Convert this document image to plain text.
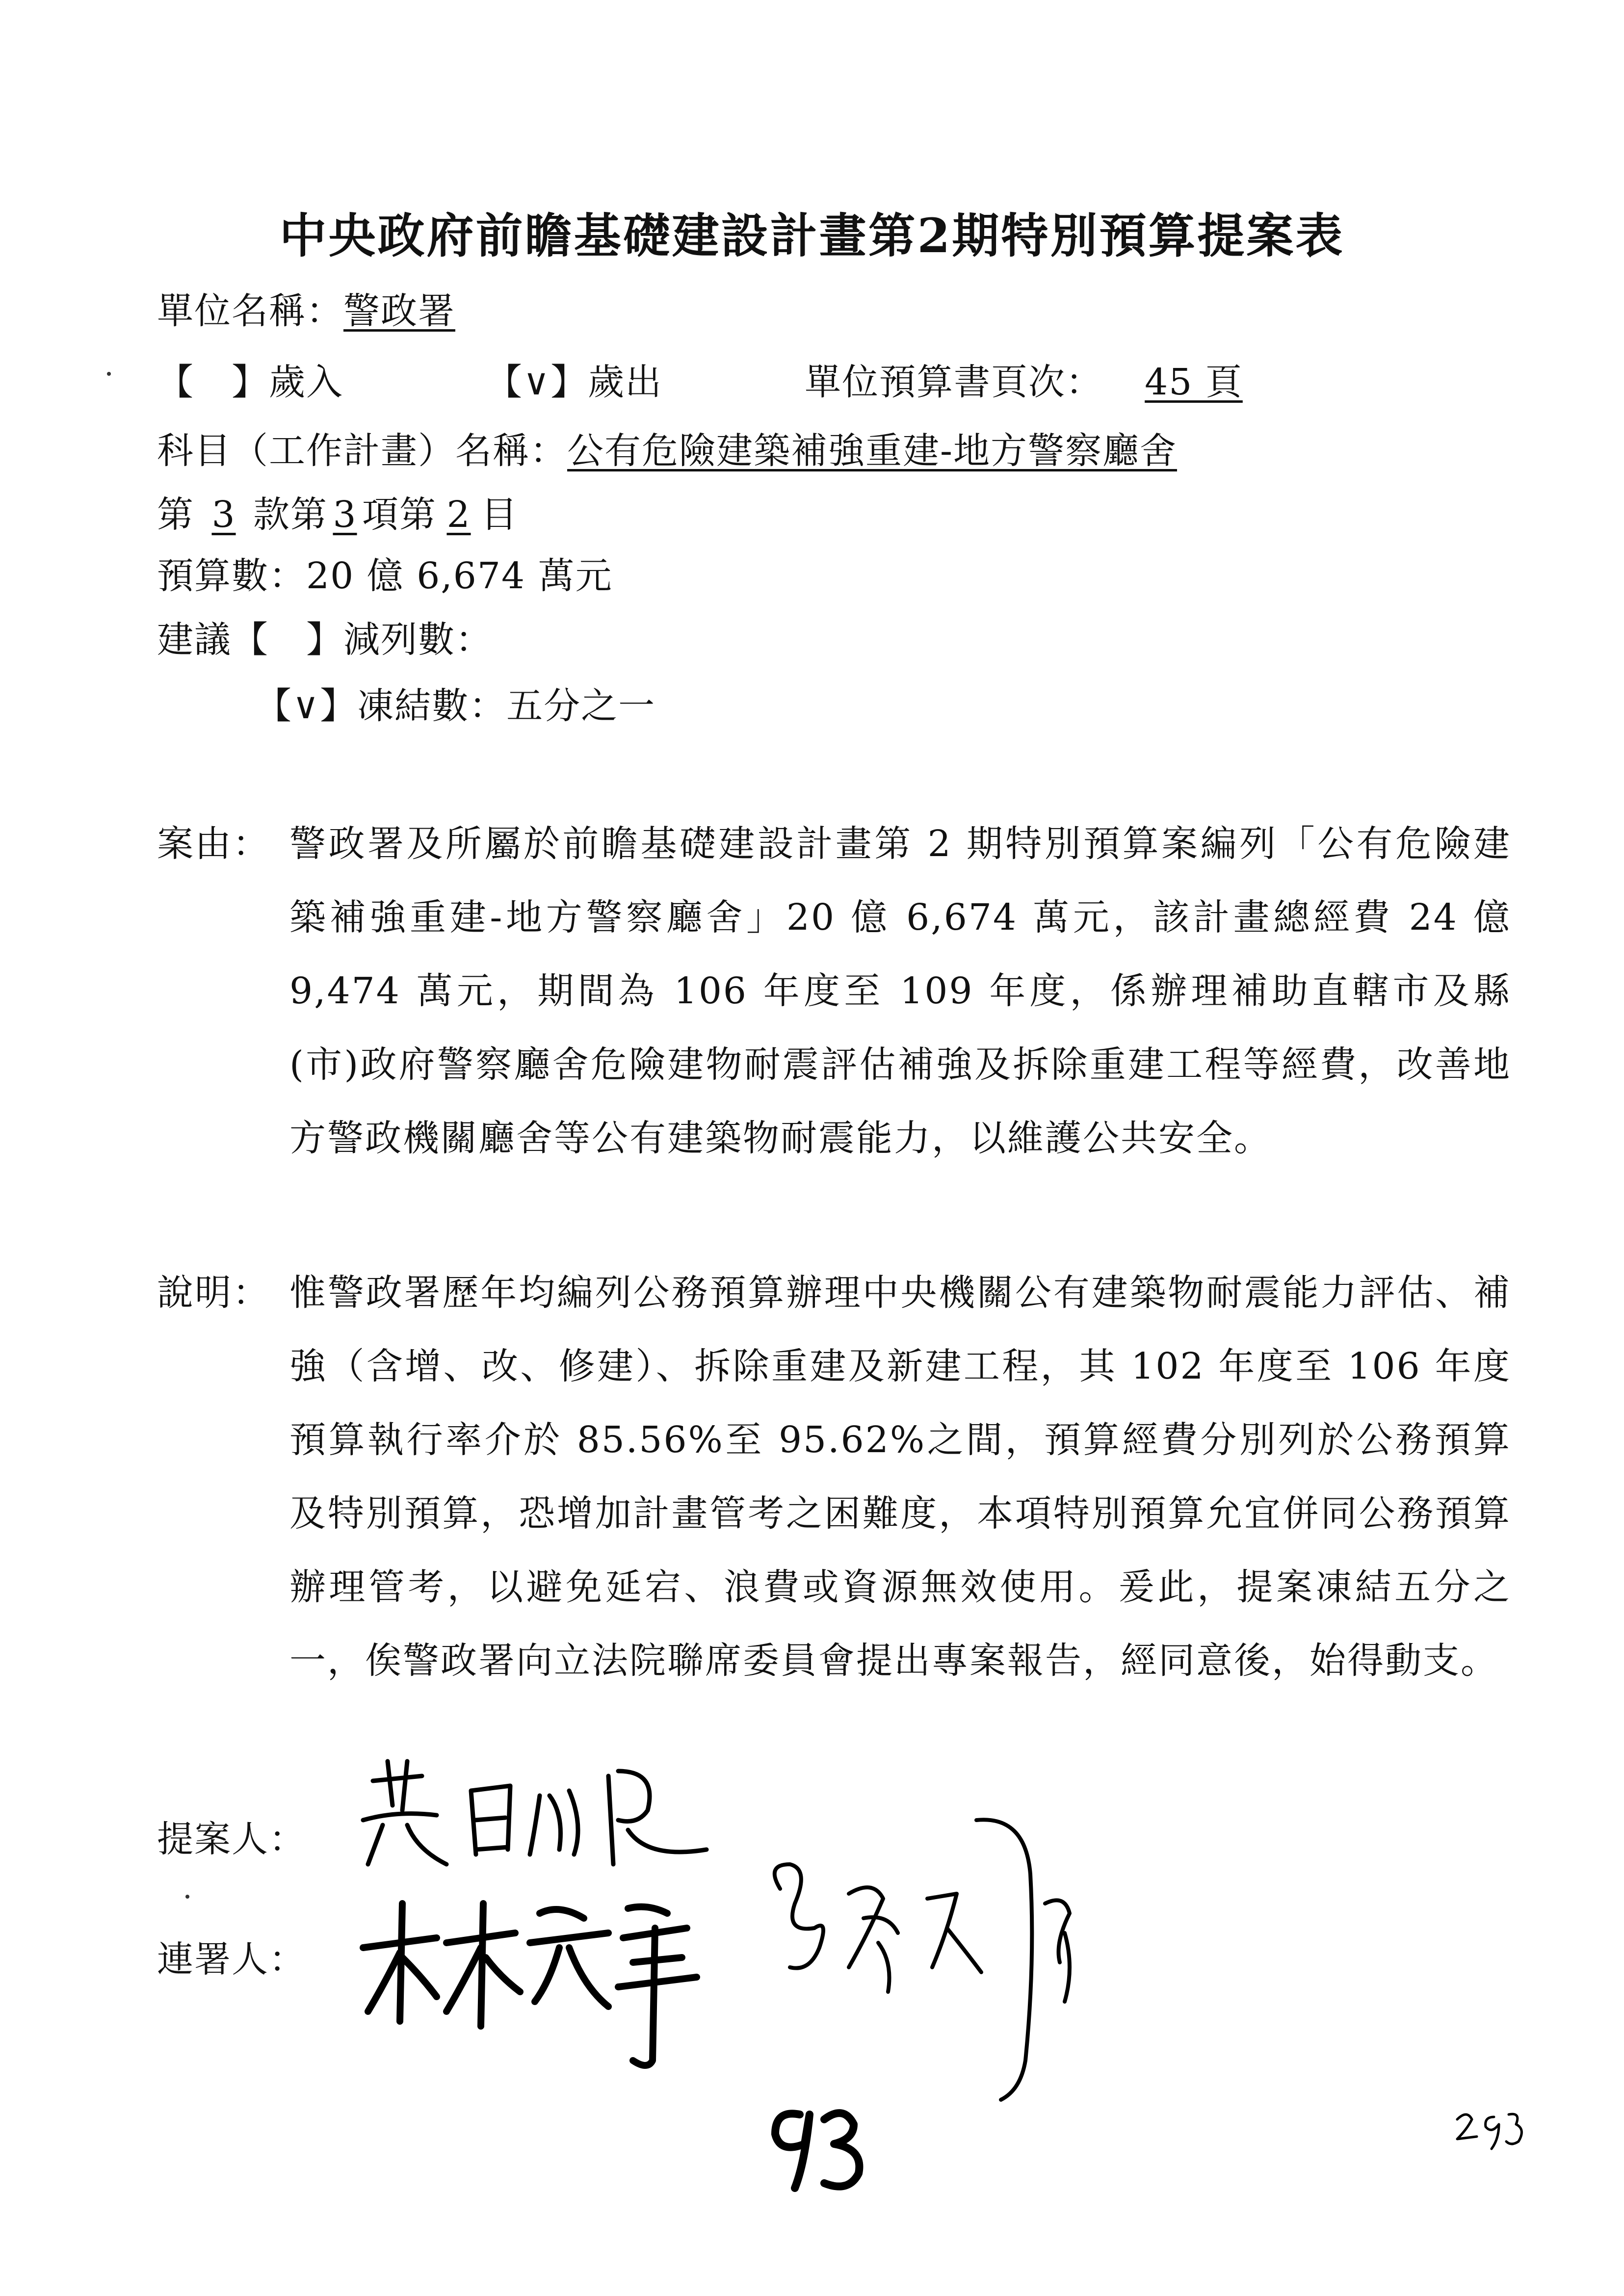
中央政府前瞻基礎建設計畫第2期特別預算提案表
單位名稱：警政署
【　】歲入	【∨】歲出	單位預算書頁次： 45 頁
科目（工作計畫）名稱：公有危險建築補強重建-地方警察廳舍
第 3 款第 3 項第 2 目
預算數：20 億 6,674 萬元
建議【　】減列數：
【∨】凍結數：五分之一
案由： 警政署及所屬於前瞻基礎建設計畫第 2 期特別預算案編列「公有危險建築補強重建-地方警察廳舍」20 億 6,674 萬元，該計畫總經費 24 億 9,474 萬元，期間為 106 年度至 109 年度，係辦理補助直轄市及縣(市)政府警察廳舍危險建物耐震評估補強及拆除重建工程等經費，改善地方警政機關廳舍等公有建築物耐震能力，以維護公共安全。
說明： 惟警政署歷年均編列公務預算辦理中央機關公有建築物耐震能力評估、補強（含增、改、修建）、拆除重建及新建工程，其 102 年度至 106 年度預算執行率介於 85.56%至 95.62%之間，預算經費分別列於公務預算及特別預算，恐增加計畫管考之困難度，本項特別預算允宜併同公務預算辦理管考，以避免延宕、浪費或資源無效使用。爰此，提案凍結五分之一，俟警政署向立法院聯席委員會提出專案報告，經同意後，始得動支。
提案人：
連署人：
